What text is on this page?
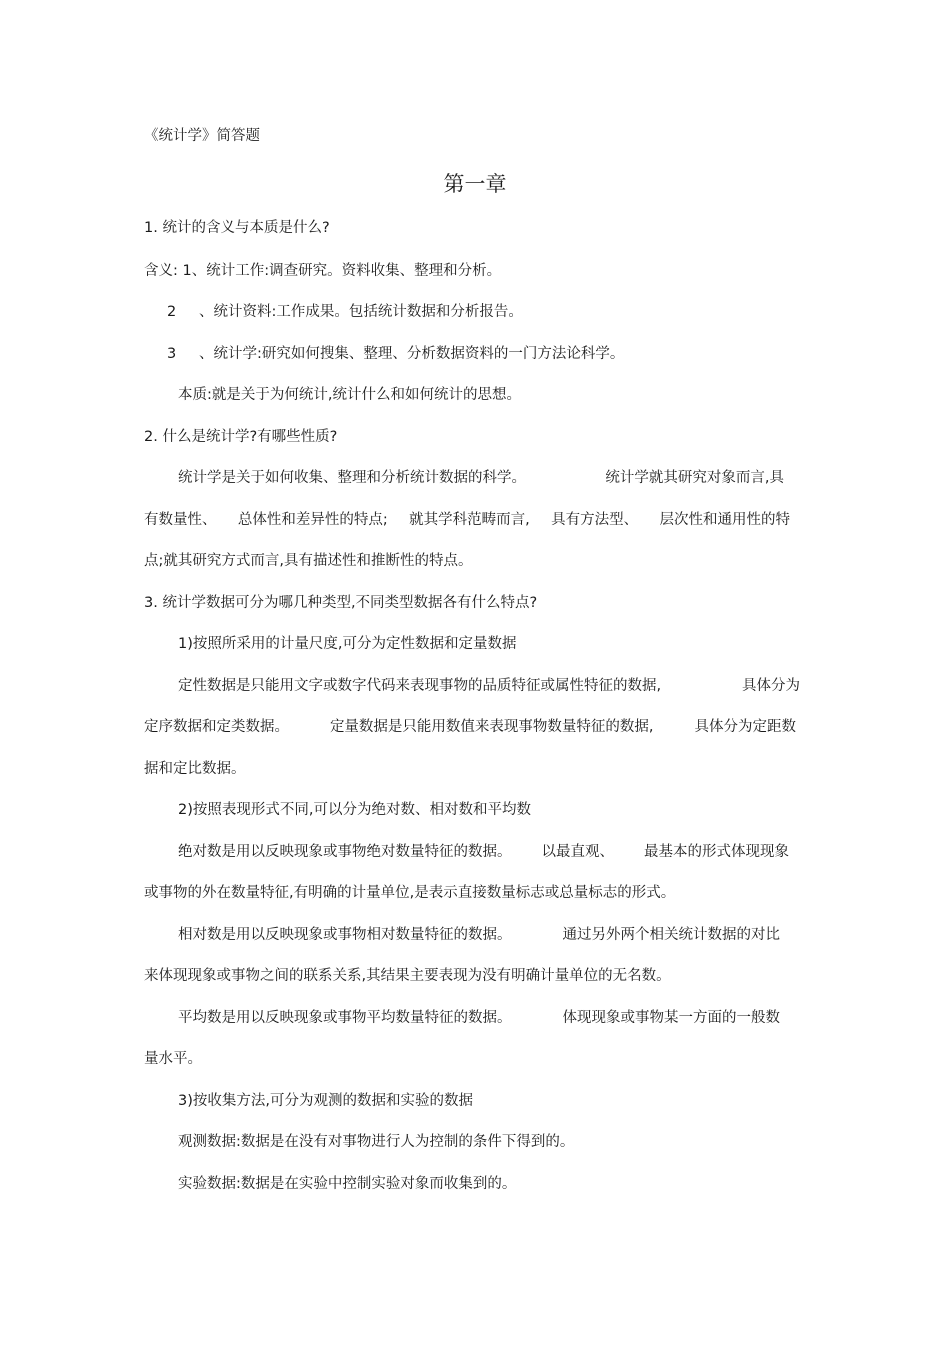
《统计学》简答题
第一章
1. 统计的含义与本质是什么?
含义: 1、统计工作:调查研究。资料收集、整理和分析。
2 、统计资料:工作成果。包括统计数据和分析报告。
3 、统计学:研究如何搜集、整理、分析数据资料的一门方法论科学。
本质:就是关于为何统计,统计什么和如何统计的思想。
2. 什么是统计学?有哪些性质?
统计学是关于如何收集、整理和分析统计数据的科学。	统计学就其研究对象而言,具
有数量性、 总体性和差异性的特点; 就其学科范畴而言, 具有方法型、 层次性和通用性的特
点;就其研究方式而言,具有描述性和推断性的特点。
3. 统计学数据可分为哪几种类型,不同类型数据各有什么特点?
1)按照所采用的计量尺度,可分为定性数据和定量数据
定性数据是只能用文字或数字代码来表现事物的品质特征或属性特征的数据,	具体分为
定序数据和定类数据。	定量数据是只能用数值来表现事物数量特征的数据,	具体分为定距数
据和定比数据。
2)按照表现形式不同,可以分为绝对数、相对数和平均数
绝对数是用以反映现象或事物绝对数量特征的数据。 以最直观、 最基本的形式体现现象
或事物的外在数量特征,有明确的计量单位,是表示直接数量标志或总量标志的形式。
相对数是用以反映现象或事物相对数量特征的数据。	通过另外两个相关统计数据的对比
来体现现象或事物之间的联系关系,其结果主要表现为没有明确计量单位的无名数。
平均数是用以反映现象或事物平均数量特征的数据。	体现现象或事物某一方面的一般数
量水平。
3)按收集方法,可分为观测的数据和实验的数据
观测数据:数据是在没有对事物进行人为控制的条件下得到的。
实验数据:数据是在实验中控制实验对象而收集到的。
